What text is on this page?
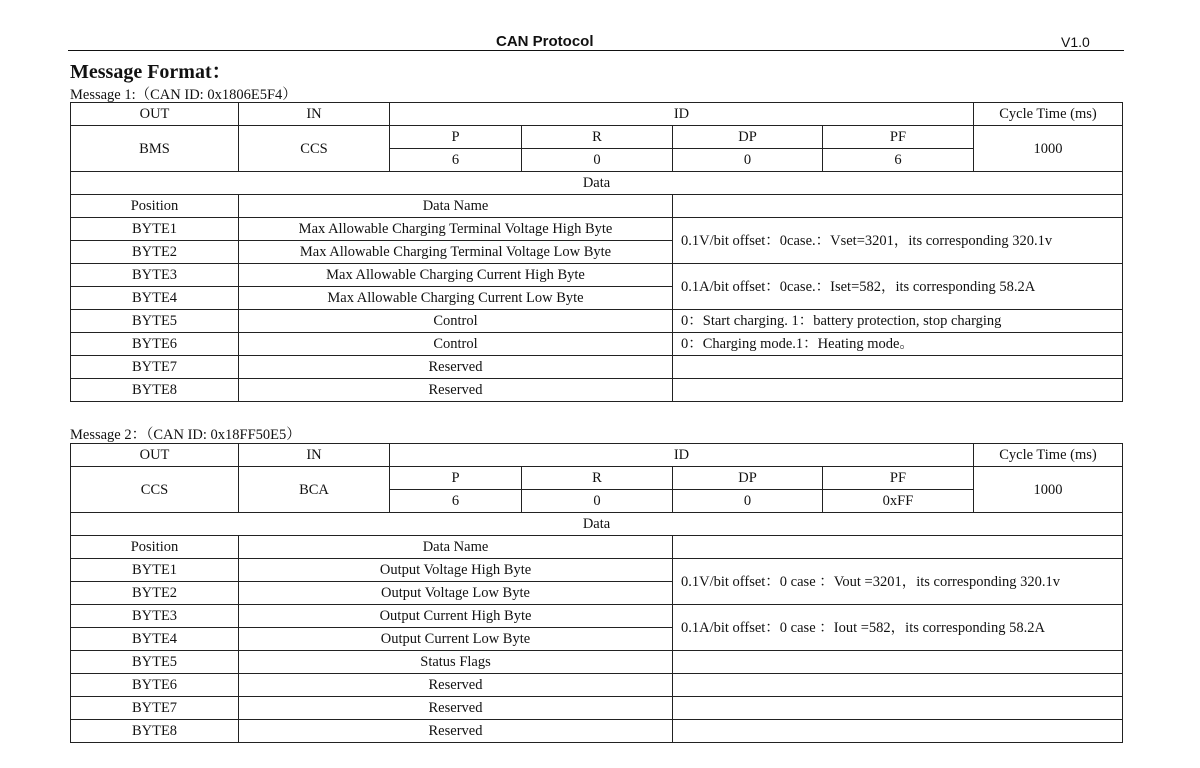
CAN Protocol	V1.0
Message Format：
Message 1:（CAN ID: 0x1806E5F4）
OUT	IN	ID				Cycle Time (ms)
BMS	CCS	P	R	DP	PF	1000
		6	0	0	6	
Data						
Position	Data Name					
BYTE1	Max Allowable Charging Terminal Voltage High Byte			0.1V/bit offset：0case.：Vset=3201，its corresponding 320.1v		
BYTE2	Max Allowable Charging Terminal Voltage Low Byte					
BYTE3	Max Allowable Charging Current High Byte			0.1A/bit offset：0case.：Iset=582，its corresponding 58.2A		
BYTE4	Max Allowable Charging Current Low Byte					
BYTE5	Control			0：Start charging. 1：battery protection, stop charging		
BYTE6	Control			0：Charging mode.1：Heating mode。		
BYTE7	Reserved					
BYTE8	Reserved					
Message 2：（CAN ID: 0x18FF50E5）
OUT	IN	ID				Cycle Time (ms)
CCS	BCA	P	R	DP	PF	1000
		6	0	0	0xFF	
Data						
Position	Data Name					
BYTE1	Output Voltage High Byte			0.1V/bit offset：0 case ：Vout =3201，its corresponding 320.1v		
BYTE2	Output Voltage Low Byte					
BYTE3	Output Current High Byte			0.1A/bit offset：0 case ：Iout =582，its corresponding 58.2A		
BYTE4	Output Current Low Byte					
BYTE5	Status Flags					
BYTE6	Reserved					
BYTE7	Reserved					
BYTE8	Reserved					
